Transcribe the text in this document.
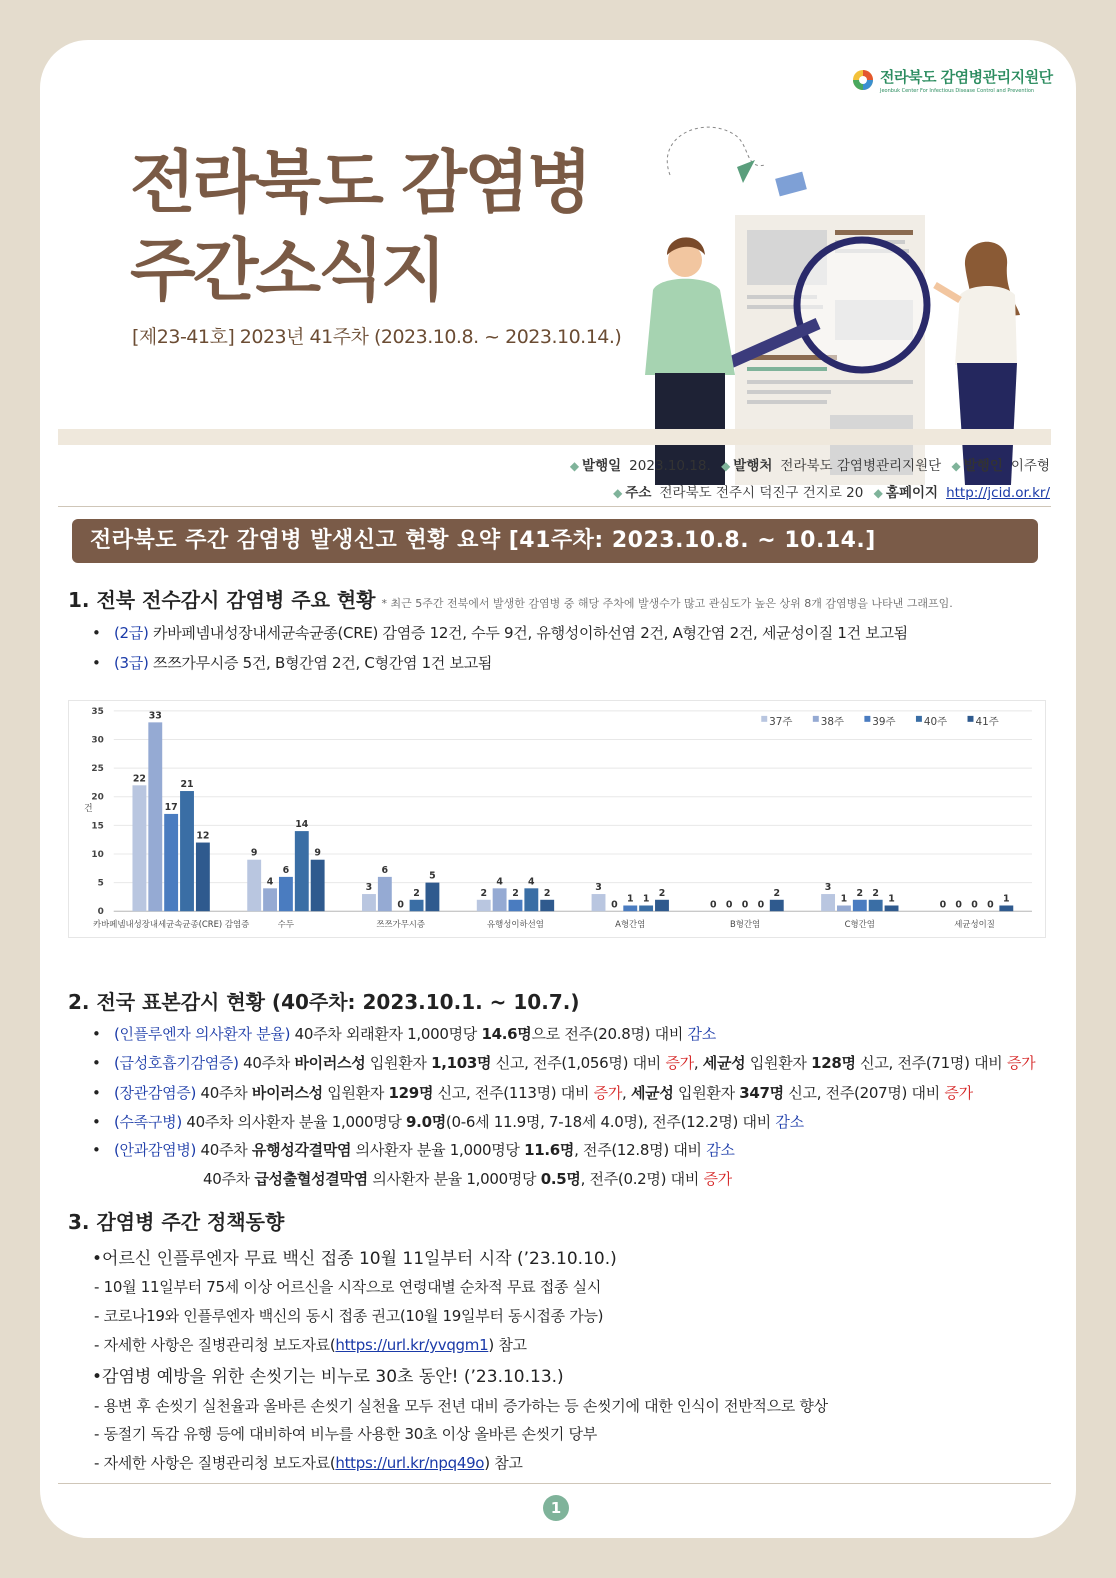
전라북도 감염병관리지원단
Jeonbuk Center For Infectious Disease Control and Prevention
전라북도 감염병
주간소식지
[제23-41호] 2023년 41주차 (2023.10.8. ~ 2023.10.14.)
◆ 발행일 2023.10.18. ◆ 발행처 전라북도 감염병관리지원단 ◆ 발행인 이주형
◆ 주소 전라북도 전주시 덕진구 건지로 20 ◆ 홈페이지 http://jcid.or.kr/
전라북도 주간 감염병 발생신고 현황 요약 [41주차: 2023.10.8. ~ 10.14.]
1. 전북 전수감시 감염병 주요 현황 * 최근 5주간 전북에서 발생한 감염병 중 해당 주차에 발생수가 많고 관심도가 높은 상위 8개 감염병을 나타낸 그래프임.
• (2급) 카바페넴내성장내세균속균종(CRE) 감염증 12건, 수두 9건, 유행성이하선염 2건, A형간염 2건, 세균성이질 1건 보고됨
• (3급) 쯔쯔가무시증 5건, B형간염 2건, C형간염 1건 보고됨
0
5
10
15
20
25
30
35
건
22
33
17
21
12
카바페넴내성장내세균속균종(CRE) 감염증
9
4
6
14
9
수두
3
6
0
2
5
쯔쯔가무시증
2
4
2
4
2
유행성이하선염
3
0
1 1
2
A형간염
0 0 0 0
2
B형간염
3
1
2 2
1
C형간염
0 0 0 0
1
세균성이질
37주	38주	39주	40주	41주
2. 전국 표본감시 현황 (40주차: 2023.10.1. ~ 10.7.)
• (인플루엔자 의사환자 분율) 40주차 외래환자 1,000명당 14.6명으로 전주(20.8명) 대비 감소
• (급성호흡기감염증) 40주차 바이러스성 입원환자 1,103명 신고, 전주(1,056명) 대비 증가, 세균성 입원환자 128명 신고, 전주(71명) 대비 증가
• (장관감염증) 40주차 바이러스성 입원환자 129명 신고, 전주(113명) 대비 증가, 세균성 입원환자 347명 신고, 전주(207명) 대비 증가
• (수족구병) 40주차 의사환자 분율 1,000명당 9.0명(0-6세 11.9명, 7-18세 4.0명), 전주(12.2명) 대비 감소
• (안과감염병) 40주차 유행성각결막염 의사환자 분율 1,000명당 11.6명, 전주(12.8명) 대비 감소
40주차 급성출혈성결막염 의사환자 분율 1,000명당 0.5명, 전주(0.2명) 대비 증가
3. 감염병 주간 정책동향
•어르신 인플루엔자 무료 백신 접종 10월 11일부터 시작 (’23.10.10.)
- 10월 11일부터 75세 이상 어르신을 시작으로 연령대별 순차적 무료 접종 실시
- 코로나19와 인플루엔자 백신의 동시 접종 권고(10월 19일부터 동시접종 가능)
- 자세한 사항은 질병관리청 보도자료(https://url.kr/yvqgm1) 참고
•감염병 예방을 위한 손씻기는 비누로 30초 동안! (’23.10.13.)
- 용변 후 손씻기 실천율과 올바른 손씻기 실천율 모두 전년 대비 증가하는 등 손씻기에 대한 인식이 전반적으로 향상
- 동절기 독감 유행 등에 대비하여 비누를 사용한 30초 이상 올바른 손씻기 당부
- 자세한 사항은 질병관리청 보도자료(https://url.kr/npq49o) 참고
1
